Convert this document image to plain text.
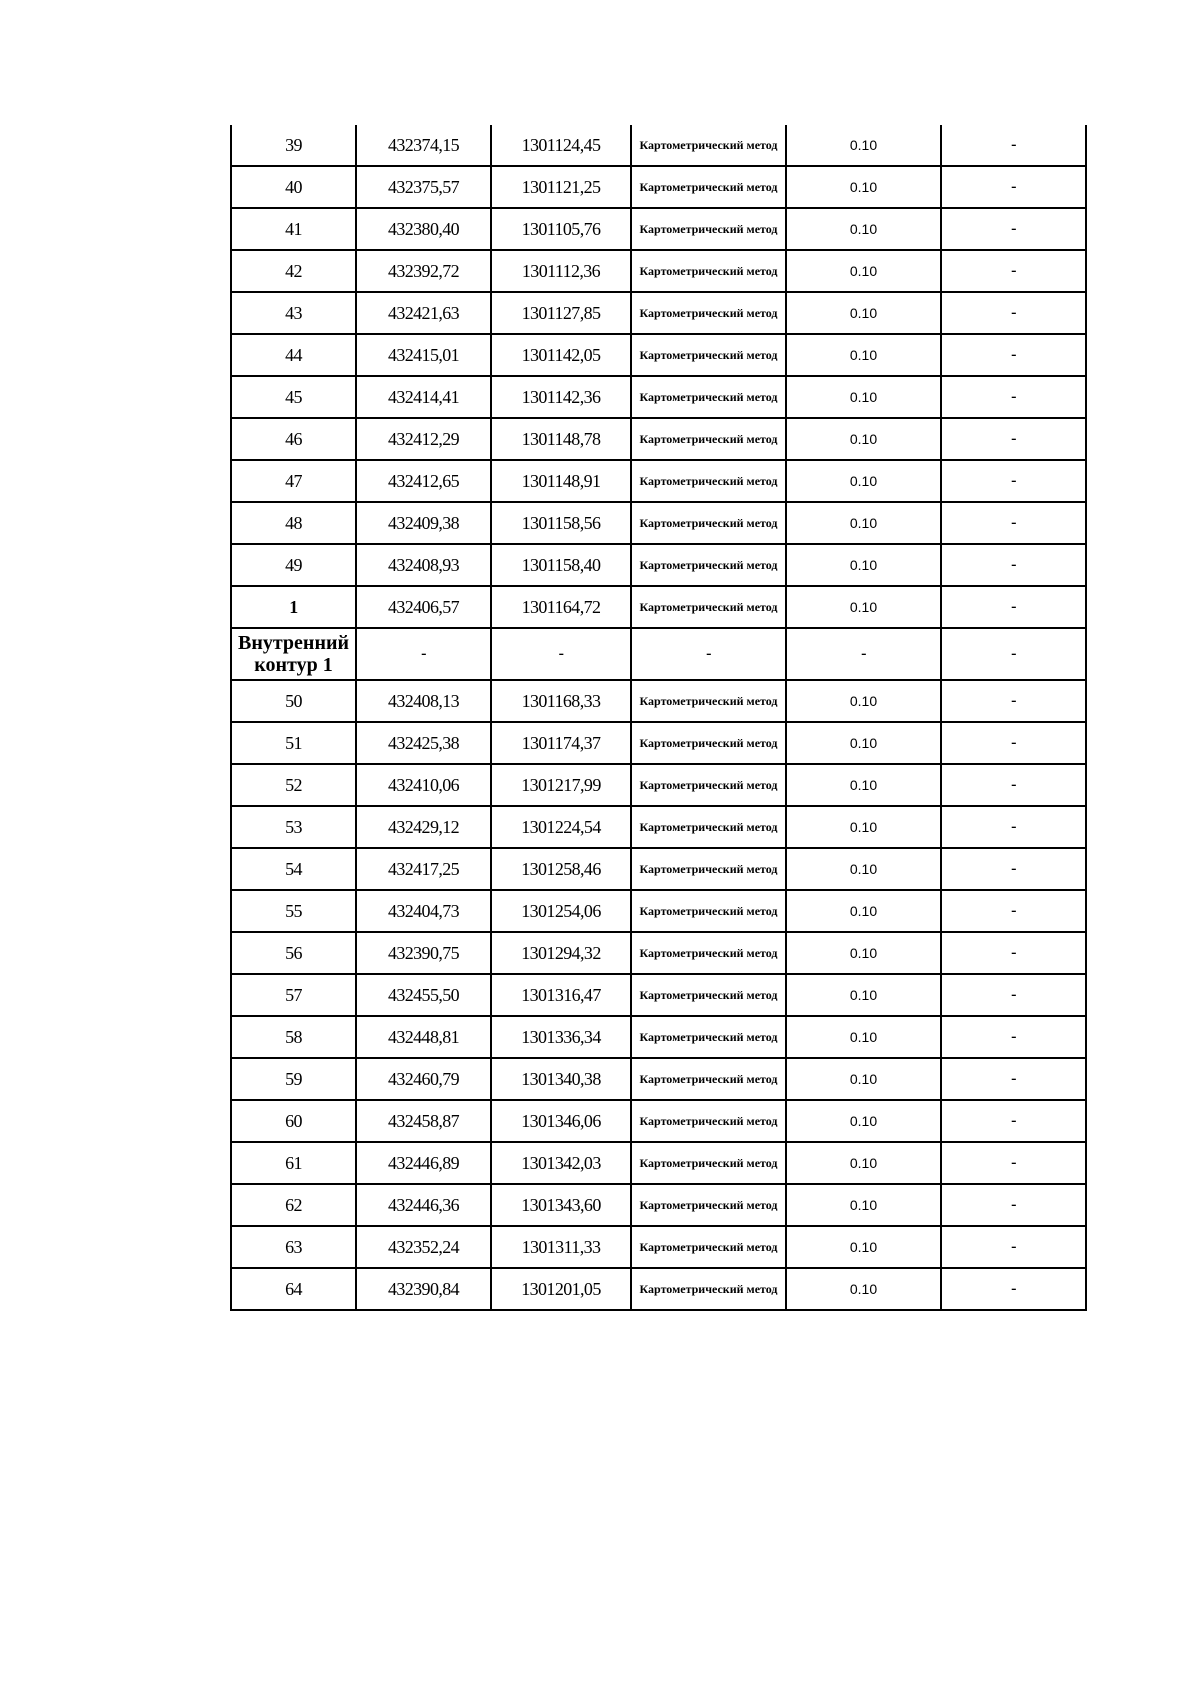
39	432374,15	1301124,45	Картометрический метод	0.10	-
40	432375,57	1301121,25	Картометрический метод	0.10	-
41	432380,40	1301105,76	Картометрический метод	0.10	-
42	432392,72	1301112,36	Картометрический метод	0.10	-
43	432421,63	1301127,85	Картометрический метод	0.10	-
44	432415,01	1301142,05	Картометрический метод	0.10	-
45	432414,41	1301142,36	Картометрический метод	0.10	-
46	432412,29	1301148,78	Картометрический метод	0.10	-
47	432412,65	1301148,91	Картометрический метод	0.10	-
48	432409,38	1301158,56	Картометрический метод	0.10	-
49	432408,93	1301158,40	Картометрический метод	0.10	-
1	432406,57	1301164,72	Картометрический метод	0.10	-
Внутренний контур 1	-	-	-	-	-
50	432408,13	1301168,33	Картометрический метод	0.10	-
51	432425,38	1301174,37	Картометрический метод	0.10	-
52	432410,06	1301217,99	Картометрический метод	0.10	-
53	432429,12	1301224,54	Картометрический метод	0.10	-
54	432417,25	1301258,46	Картометрический метод	0.10	-
55	432404,73	1301254,06	Картометрический метод	0.10	-
56	432390,75	1301294,32	Картометрический метод	0.10	-
57	432455,50	1301316,47	Картометрический метод	0.10	-
58	432448,81	1301336,34	Картометрический метод	0.10	-
59	432460,79	1301340,38	Картометрический метод	0.10	-
60	432458,87	1301346,06	Картометрический метод	0.10	-
61	432446,89	1301342,03	Картометрический метод	0.10	-
62	432446,36	1301343,60	Картометрический метод	0.10	-
63	432352,24	1301311,33	Картометрический метод	0.10	-
64	432390,84	1301201,05	Картометрический метод	0.10	-
